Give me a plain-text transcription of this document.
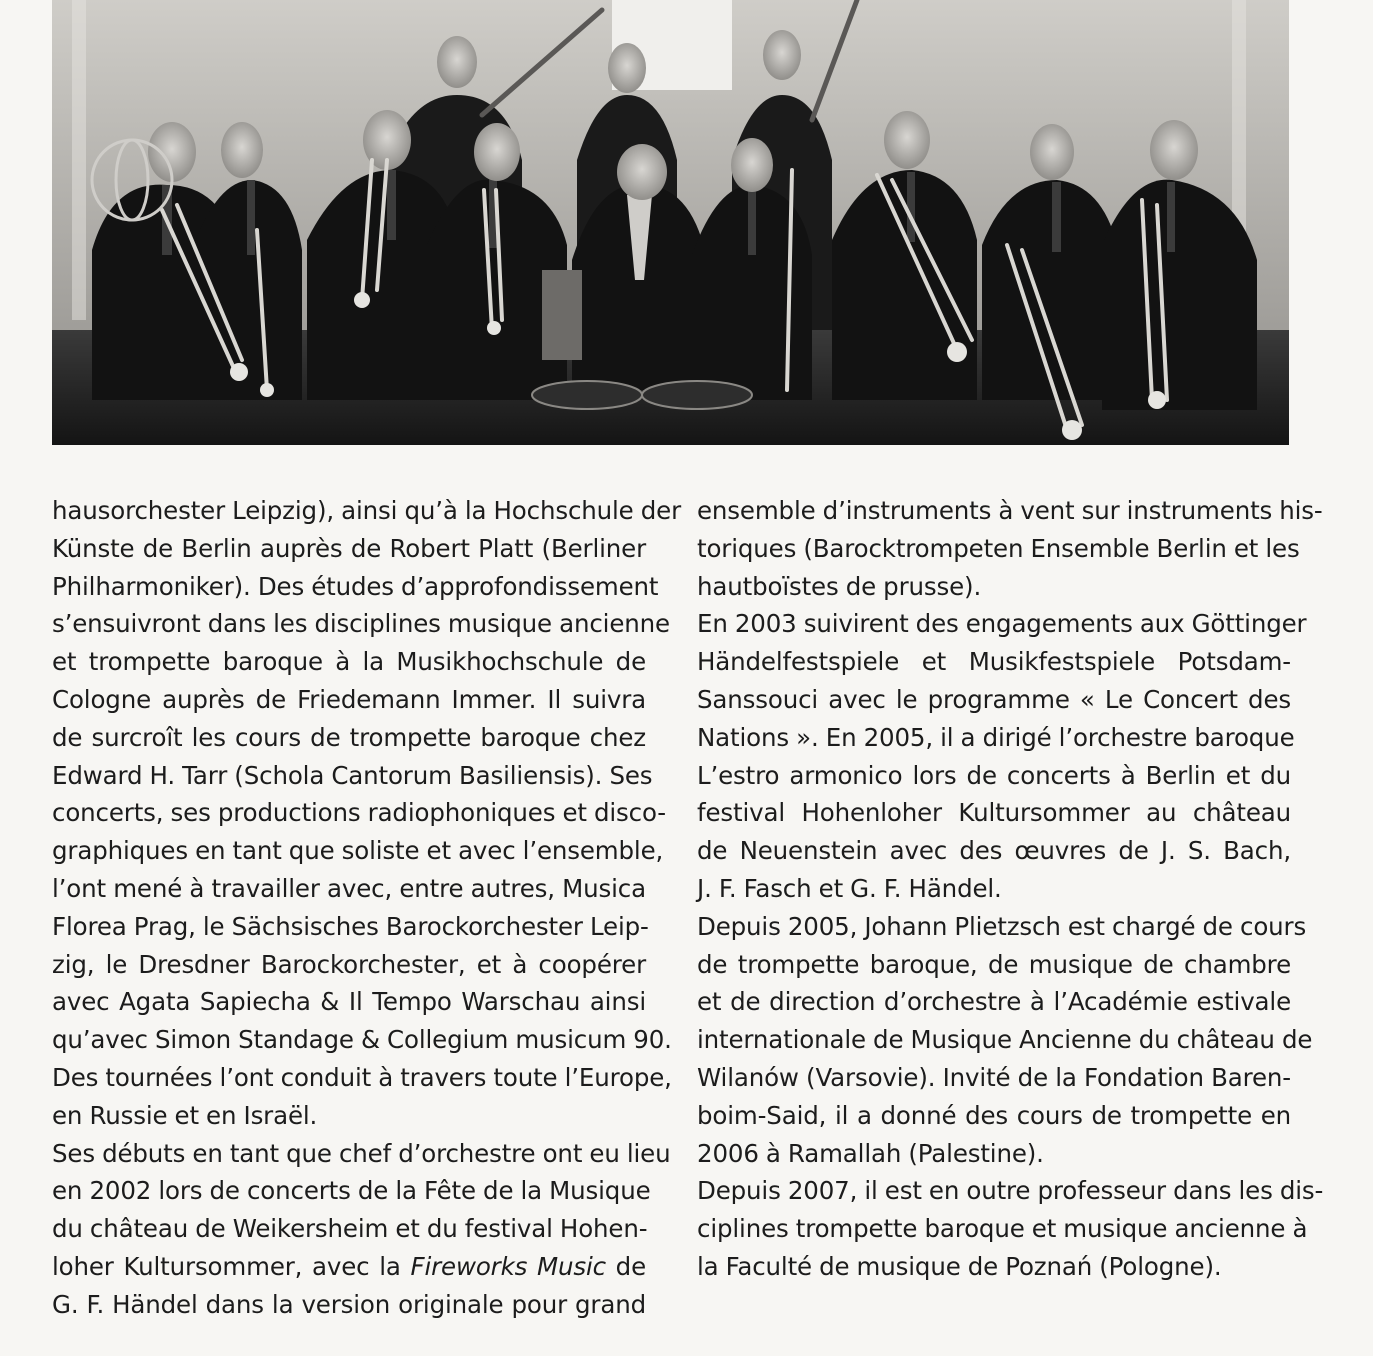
hausorchester Leipzig), ainsi qu’à la Hochschule der
Künste de Berlin auprès de Robert Platt (Berliner
Philharmoniker). Des études d’approfondissement
s’ensuivront dans les disciplines musique ancienne
et trompette baroque à la Musikhochschule de
Cologne auprès de Friedemann Immer. Il suivra
de surcroît les cours de trompette baroque chez
Edward H. Tarr (Schola Cantorum Basiliensis). Ses
concerts, ses productions radiophoniques et disco-
graphiques en tant que soliste et avec l’ensemble,
l’ont mené à travailler avec, entre autres, Musica
Florea Prag, le Sächsisches Barockorchester Leip-
zig, le Dresdner Barockorchester, et à coopérer
avec Agata Sapiecha & Il Tempo Warschau ainsi
qu’avec Simon Standage & Collegium musicum 90.
Des tournées l’ont conduit à travers toute l’Europe,
en Russie et en Israël.

Ses débuts en tant que chef d’orchestre ont eu lieu
en 2002 lors de concerts de la Fête de la Musique
du château de Weikersheim et du festival Hohen-
loher Kultursommer, avec la Fireworks Music de
G. F. Händel dans la version originale pour grand

ensemble d’instruments à vent sur instruments his-
toriques (Barocktrompeten Ensemble Berlin et les
hautboïstes de prusse).

En 2003 suivirent des engagements aux Göttinger
Händelfestspiele et Musikfestspiele Potsdam-
Sanssouci avec le programme « Le Concert des
Nations ». En 2005, il a dirigé l’orchestre baroque
L’estro armonico lors de concerts à Berlin et du
festival Hohenloher Kultursommer au château
de Neuenstein avec des œuvres de J. S. Bach,
J. F. Fasch et G. F. Händel.

Depuis 2005, Johann Plietzsch est chargé de cours
de trompette baroque, de musique de chambre
et de direction d’orchestre à l’Académie estivale
internationale de Musique Ancienne du château de
Wilanów (Varsovie). Invité de la Fondation Baren-
boim-Said, il a donné des cours de trompette en
2006 à Ramallah (Palestine).

Depuis 2007, il est en outre professeur dans les dis-
ciplines trompette baroque et musique ancienne à
la Faculté de musique de Poznań (Pologne).
